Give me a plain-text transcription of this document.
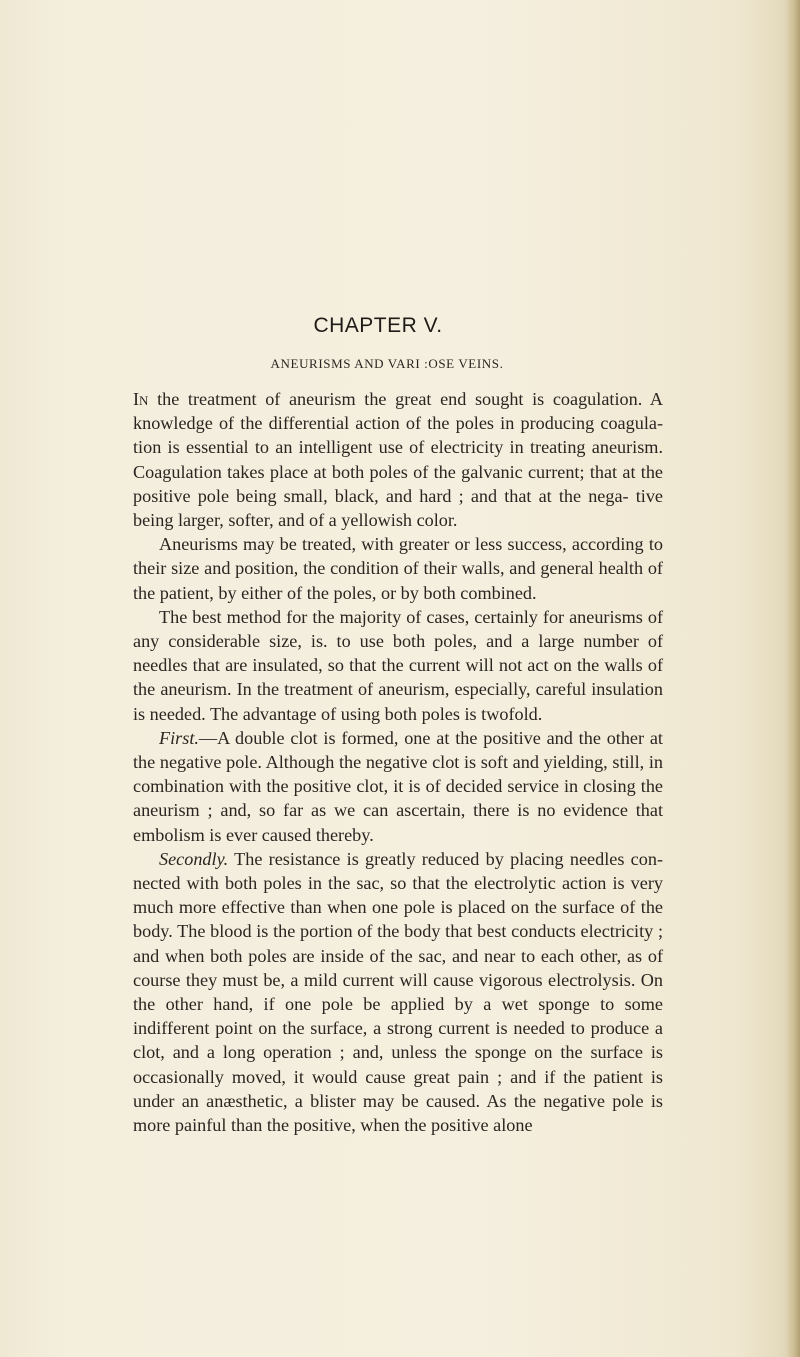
CHAPTER V.
ANEURISMS AND VARI :OSE VEINS.

In the treatment of aneurism the great end sought is coagulation. A knowledge of the differential action of the poles in producing coagula- tion is essential to an intelligent use of electricity in treating aneurism. Coagulation takes place at both poles of the galvanic current; that at the positive pole being small, black, and hard ; and that at the nega- tive being larger, softer, and of a yellowish color.

Aneurisms may be treated, with greater or less success, according to their size and position, the condition of their walls, and general health of the patient, by either of the poles, or by both combined.

The best method for the majority of cases, certainly for aneurisms of any considerable size, is. to use both poles, and a large number of needles that are insulated, so that the current will not act on the walls of the aneurism. In the treatment of aneurism, especially, careful insulation is needed. The advantage of using both poles is twofold.

First.—A double clot is formed, one at the positive and the other at the negative pole. Although the negative clot is soft and yielding, still, in combination with the positive clot, it is of decided service in closing the aneurism ; and, so far as we can ascertain, there is no evidence that embolism is ever caused thereby.

Secondly. The resistance is greatly reduced by placing needles con- nected with both poles in the sac, so that the electrolytic action is very much more effective than when one pole is placed on the surface of the body. The blood is the portion of the body that best conducts electricity ; and when both poles are inside of the sac, and near to each other, as of course they must be, a mild current will cause vigorous electrolysis. On the other hand, if one pole be applied by a wet sponge to some indifferent point on the surface, a strong current is needed to produce a clot, and a long operation ; and, unless the sponge on the surface is occasionally moved, it would cause great pain ; and if the patient is under an anæsthetic, a blister may be caused. As the negative pole is more painful than the positive, when the positive alone
